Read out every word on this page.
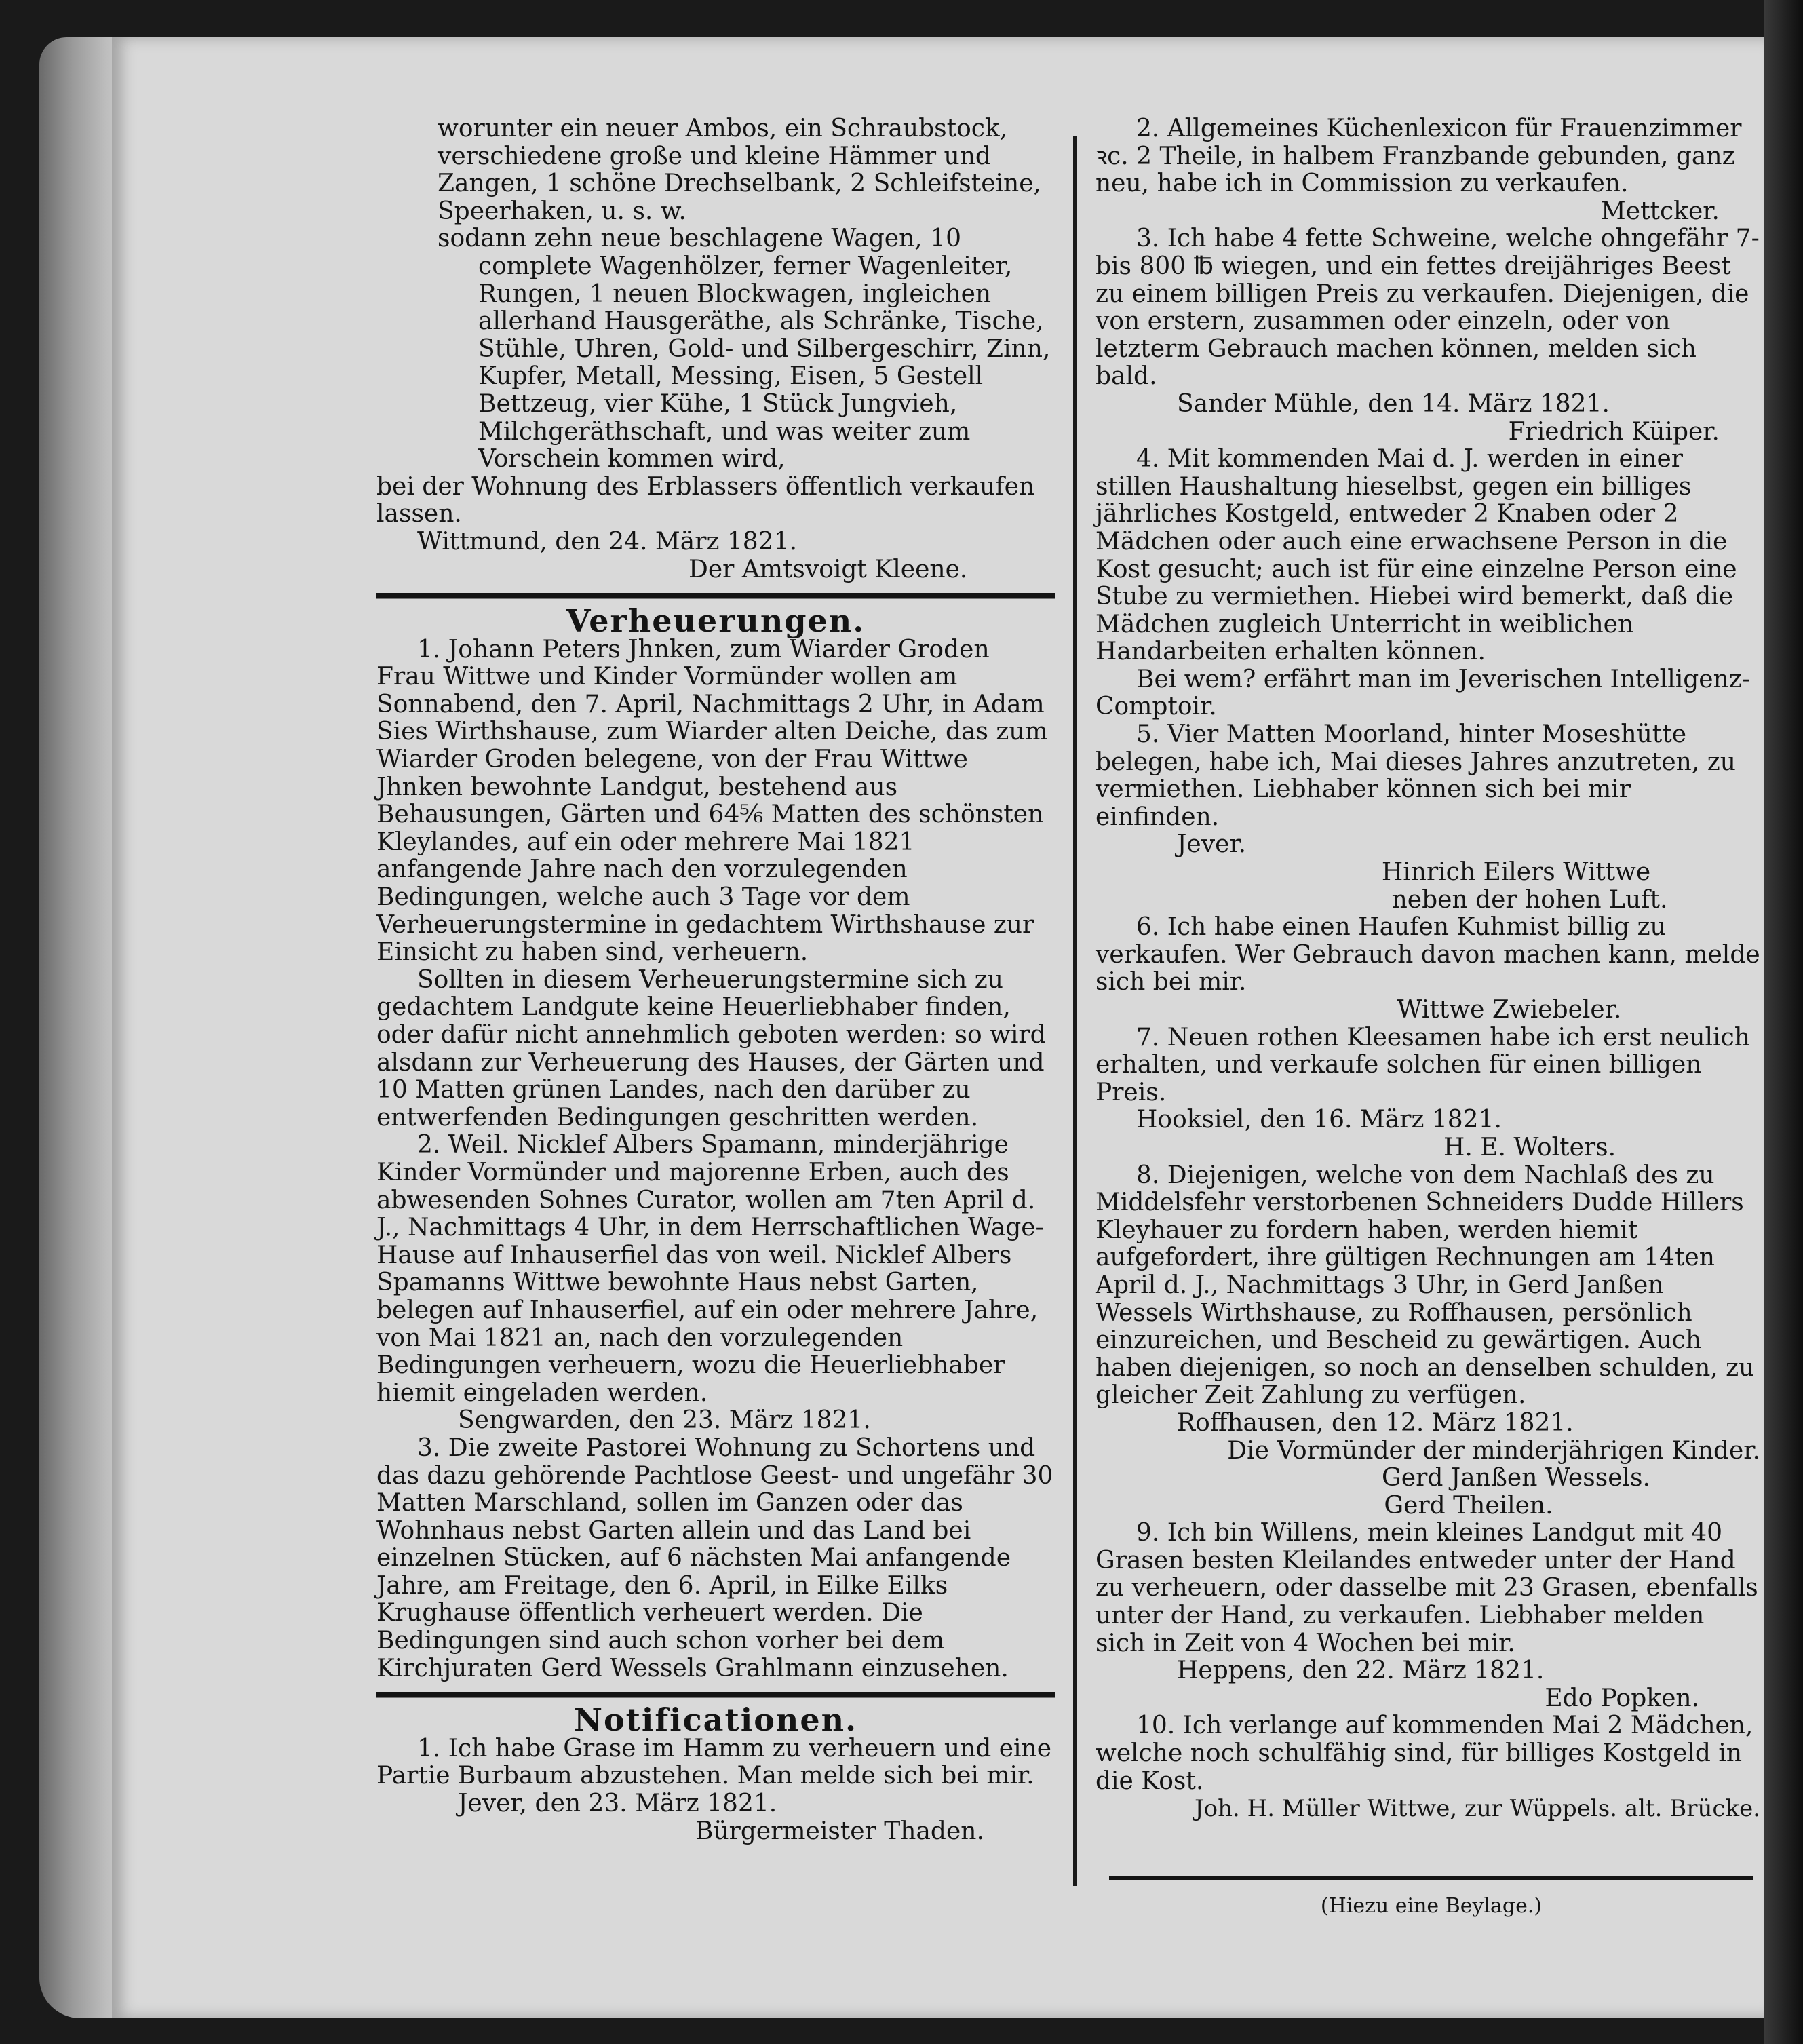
worunter ein neuer Ambos, ein Schraubstock, verschiedene große und kleine Hämmer und Zangen, 1 schöne Drechselbank, 2 Schleifsteine, Speerhaken, u. s. w.

sodann zehn neue beschlagene Wagen, 10 complete Wagenhölzer, ferner Wagenleiter, Rungen, 1 neuen Blockwagen, ingleichen allerhand Hausgeräthe, als Schränke, Tische, Stühle, Uhren, Gold- und Silbergeschirr, Zinn, Kupfer, Metall, Messing, Eisen, 5 Gestell Bettzeug, vier Kühe, 1 Stück Jungvieh, Milchgeräthschaft, und was weiter zum Vorschein kommen wird,

bei der Wohnung des Erblassers öffentlich verkaufen lassen.

Wittmund, den 24. März 1821.

Der Amtsvoigt Kleene.

Verheuerungen.

1. Johann Peters Jhnken, zum Wiarder Groden Frau Wittwe und Kinder Vormünder wollen am Sonnabend, den 7. April, Nachmittags 2 Uhr, in Adam Sies Wirthshause, zum Wiarder alten Deiche, das zum Wiarder Groden belegene, von der Frau Wittwe Jhnken bewohnte Landgut, bestehend aus Behausungen, Gärten und 64⁵⁄₆ Matten des schönsten Kleylandes, auf ein oder mehrere Mai 1821 anfangende Jahre nach den vorzulegenden Bedingungen, welche auch 3 Tage vor dem Verheuerungstermine in gedachtem Wirthshause zur Einsicht zu haben sind, verheuern.

Sollten in diesem Verheuerungstermine sich zu gedachtem Landgute keine Heuerliebhaber finden, oder dafür nicht annehmlich geboten werden: so wird alsdann zur Verheuerung des Hauses, der Gärten und 10 Matten grünen Landes, nach den darüber zu entwerfenden Bedingungen geschritten werden.

2. Weil. Nicklef Albers Spamann, minderjährige Kinder Vormünder und majorenne Erben, auch des abwesenden Sohnes Curator, wollen am 7ten April d. J., Nachmittags 4 Uhr, in dem Herrschaftlichen Wage-Hause auf Inhauserfiel das von weil. Nicklef Albers Spamanns Wittwe bewohnte Haus nebst Garten, belegen auf Inhauserfiel, auf ein oder mehrere Jahre, von Mai 1821 an, nach den vorzulegenden Bedingungen verheuern, wozu die Heuerliebhaber hiemit eingeladen werden.

Sengwarden, den 23. März 1821.

3. Die zweite Pastorei Wohnung zu Schortens und das dazu gehörende Pachtlose Geest- und ungefähr 30 Matten Marschland, sollen im Ganzen oder das Wohnhaus nebst Garten allein und das Land bei einzelnen Stücken, auf 6 nächsten Mai anfangende Jahre, am Freitage, den 6. April, in Eilke Eilks Krughause öffentlich verheuert werden. Die Bedingungen sind auch schon vorher bei dem Kirchjuraten Gerd Wessels Grahlmann einzusehen.

Notificationen.

1. Ich habe Grase im Hamm zu verheuern und eine Partie Burbaum abzustehen. Man melde sich bei mir.

Jever, den 23. März 1821.

Bürgermeister Thaden.

2. Allgemeines Küchenlexicon für Frauenzimmer ꝛc. 2 Theile, in halbem Franzbande gebunden, ganz neu, habe ich in Commission zu verkaufen.

Mettcker.

3. Ich habe 4 fette Schweine, welche ohngefähr 7- bis 800 ℔ wiegen, und ein fettes dreijähriges Beest zu einem billigen Preis zu verkaufen. Diejenigen, die von erstern, zusammen oder einzeln, oder von letzterm Gebrauch machen können, melden sich bald.

Sander Mühle, den 14. März 1821.

Friedrich Küiper.

4. Mit kommenden Mai d. J. werden in einer stillen Haushaltung hieselbst, gegen ein billiges jährliches Kostgeld, entweder 2 Knaben oder 2 Mädchen oder auch eine erwachsene Person in die Kost gesucht; auch ist für eine einzelne Person eine Stube zu vermiethen. Hiebei wird bemerkt, daß die Mädchen zugleich Unterricht in weiblichen Handarbeiten erhalten können.

Bei wem? erfährt man im Jeverischen Intelligenz-Comptoir.

5. Vier Matten Moorland, hinter Moseshütte belegen, habe ich, Mai dieses Jahres anzutreten, zu vermiethen. Liebhaber können sich bei mir einfinden.

Jever.

Hinrich Eilers Wittwe

neben der hohen Luft.

6. Ich habe einen Haufen Kuhmist billig zu verkaufen. Wer Gebrauch davon machen kann, melde sich bei mir.

Wittwe Zwiebeler.

7. Neuen rothen Kleesamen habe ich erst neulich erhalten, und verkaufe solchen für einen billigen Preis.

Hooksiel, den 16. März 1821.

H. E. Wolters.

8. Diejenigen, welche von dem Nachlaß des zu Middelsfehr verstorbenen Schneiders Dudde Hillers Kleyhauer zu fordern haben, werden hiemit aufgefordert, ihre gültigen Rechnungen am 14ten April d. J., Nachmittags 3 Uhr, in Gerd Janßen Wessels Wirthshause, zu Roffhausen, persönlich einzureichen, und Bescheid zu gewärtigen. Auch haben diejenigen, so noch an denselben schulden, zu gleicher Zeit Zahlung zu verfügen.

Roffhausen, den 12. März 1821.

Die Vormünder der minderjährigen Kinder.

Gerd Janßen Wessels.

Gerd Theilen.

9. Ich bin Willens, mein kleines Landgut mit 40 Grasen besten Kleilandes entweder unter der Hand zu verheuern, oder dasselbe mit 23 Grasen, ebenfalls unter der Hand, zu verkaufen. Liebhaber melden sich in Zeit von 4 Wochen bei mir.

Heppens, den 22. März 1821.

Edo Popken.

10. Ich verlange auf kommenden Mai 2 Mädchen, welche noch schulfähig sind, für billiges Kostgeld in die Kost.

Joh. H. Müller Wittwe, zur Wüppels. alt. Brücke.

(Hiezu eine Beylage.)
